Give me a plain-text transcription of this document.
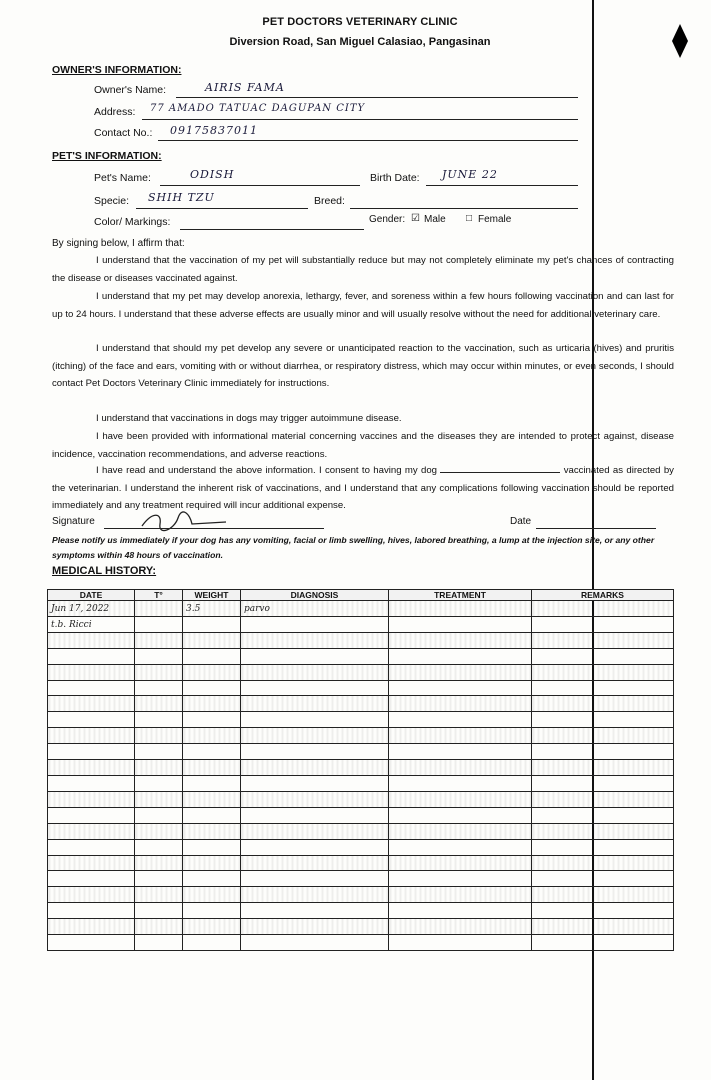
PET DOCTORS VETERINARY CLINIC
Diversion Road, San Miguel Calasiao, Pangasinan
OWNER'S INFORMATION:
Owner's Name:	AIRIS FAMA
Address: 77 AMADO TATUAC DAGUPAN CITY
Contact No.: 09175837011
PET'S INFORMATION:
Pet's Name:	ODISH	Birth Date: JUNE 22
Specie: SHIH TZU	Breed:
Color/ Markings:	Gender: ☑ Male □ Female
By signing below, I affirm that:
I understand that the vaccination of my pet will substantially reduce but may not completely eliminate my pet's chances of contracting the disease or diseases vaccinated against.
I understand that my pet may develop anorexia, lethargy, fever, and soreness within a few hours following vaccination and can last for up to 24 hours. I understand that these adverse effects are usually minor and will usually resolve without the need for additional veterinary care.
I understand that should my pet develop any severe or unanticipated reaction to the vaccination, such as urticaria (hives) and pruritis (itching) of the face and ears, vomiting with or without diarrhea, or respiratory distress, which may occur within minutes, or even seconds, I should contact Pet Doctors Veterinary Clinic immediately for instructions.
I understand that vaccinations in dogs may trigger autoimmune disease.
I have been provided with informational material concerning vaccines and the diseases they are intended to protect against, disease incidence, vaccination recommendations, and adverse reactions.

I have read and understand the above information. I consent to having my dog	vaccinated as directed by the veterinarian. I understand the inherent risk of vaccinations, and I understand that any complications following vaccination should be reported immediately and any treatment required will incur additional expense.

Signature	Date
Please notify us immediately if your dog has any vomiting, facial or limb swelling, hives, labored breathing, a lump at the injection site, or any other symptoms within 48 hours of vaccination.
MEDICAL HISTORY:
DATE	T°	WEIGHT	DIAGNOSIS	TREATMENT	REMARKS
Jun 17, 2022		3.5	parvo		
t.b. Ricci					
